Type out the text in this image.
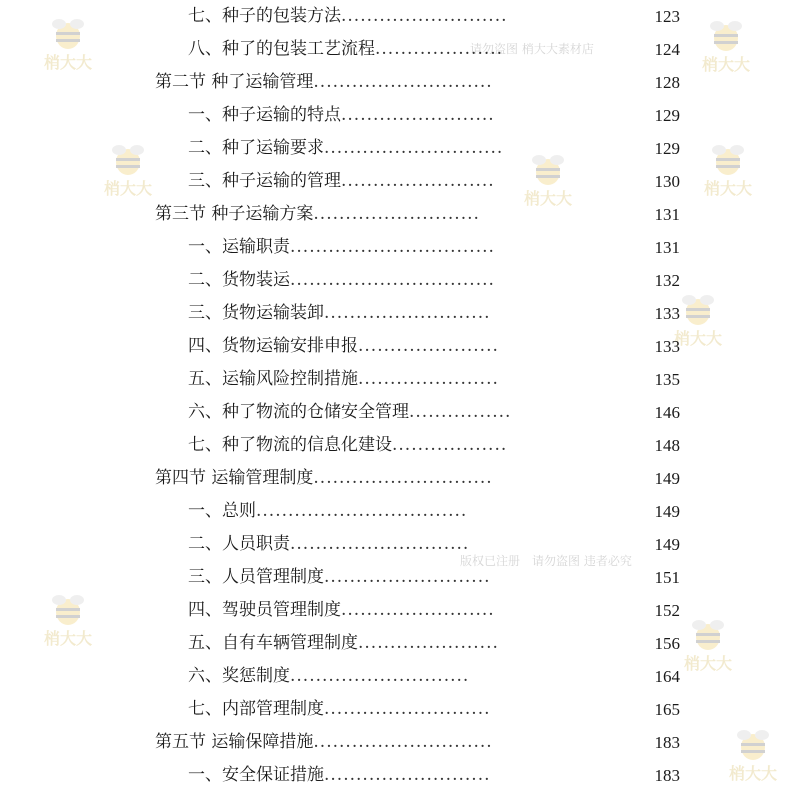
梢大大	梢大大
梢大大	梢大大
梢大大
梢大大
梢大大
梢大大
梢大大
版权已注册　请勿盗图 违者必究
请勿盗图 梢大大素材店
七、种子的包装方法..........................	123
八、种了的包装工艺流程....................	124
第二节 种了运输管理............................	128
一、种子运输的特点........................	129
二、种了运输要求............................	129
三、种子运输的管理........................	130
第三节 种子运输方案..........................	131
一、运输职责................................	131
二、货物装运................................	132
三、货物运输装卸..........................	133
四、货物运输安排申报......................	133
五、运输风险控制措施......................	135
六、种了物流的仓储安全管理................	146
七、种了物流的信息化建设..................	148
第四节 运输管理制度............................	149
一、总则.................................	149
二、人员职责............................	149
三、人员管理制度..........................	151
四、驾驶员管理制度........................	152
五、自有车辆管理制度......................	156
六、奖惩制度............................	164
七、内部管理制度..........................	165
第五节 运输保障措施............................	183
一、安全保证措施..........................	183
